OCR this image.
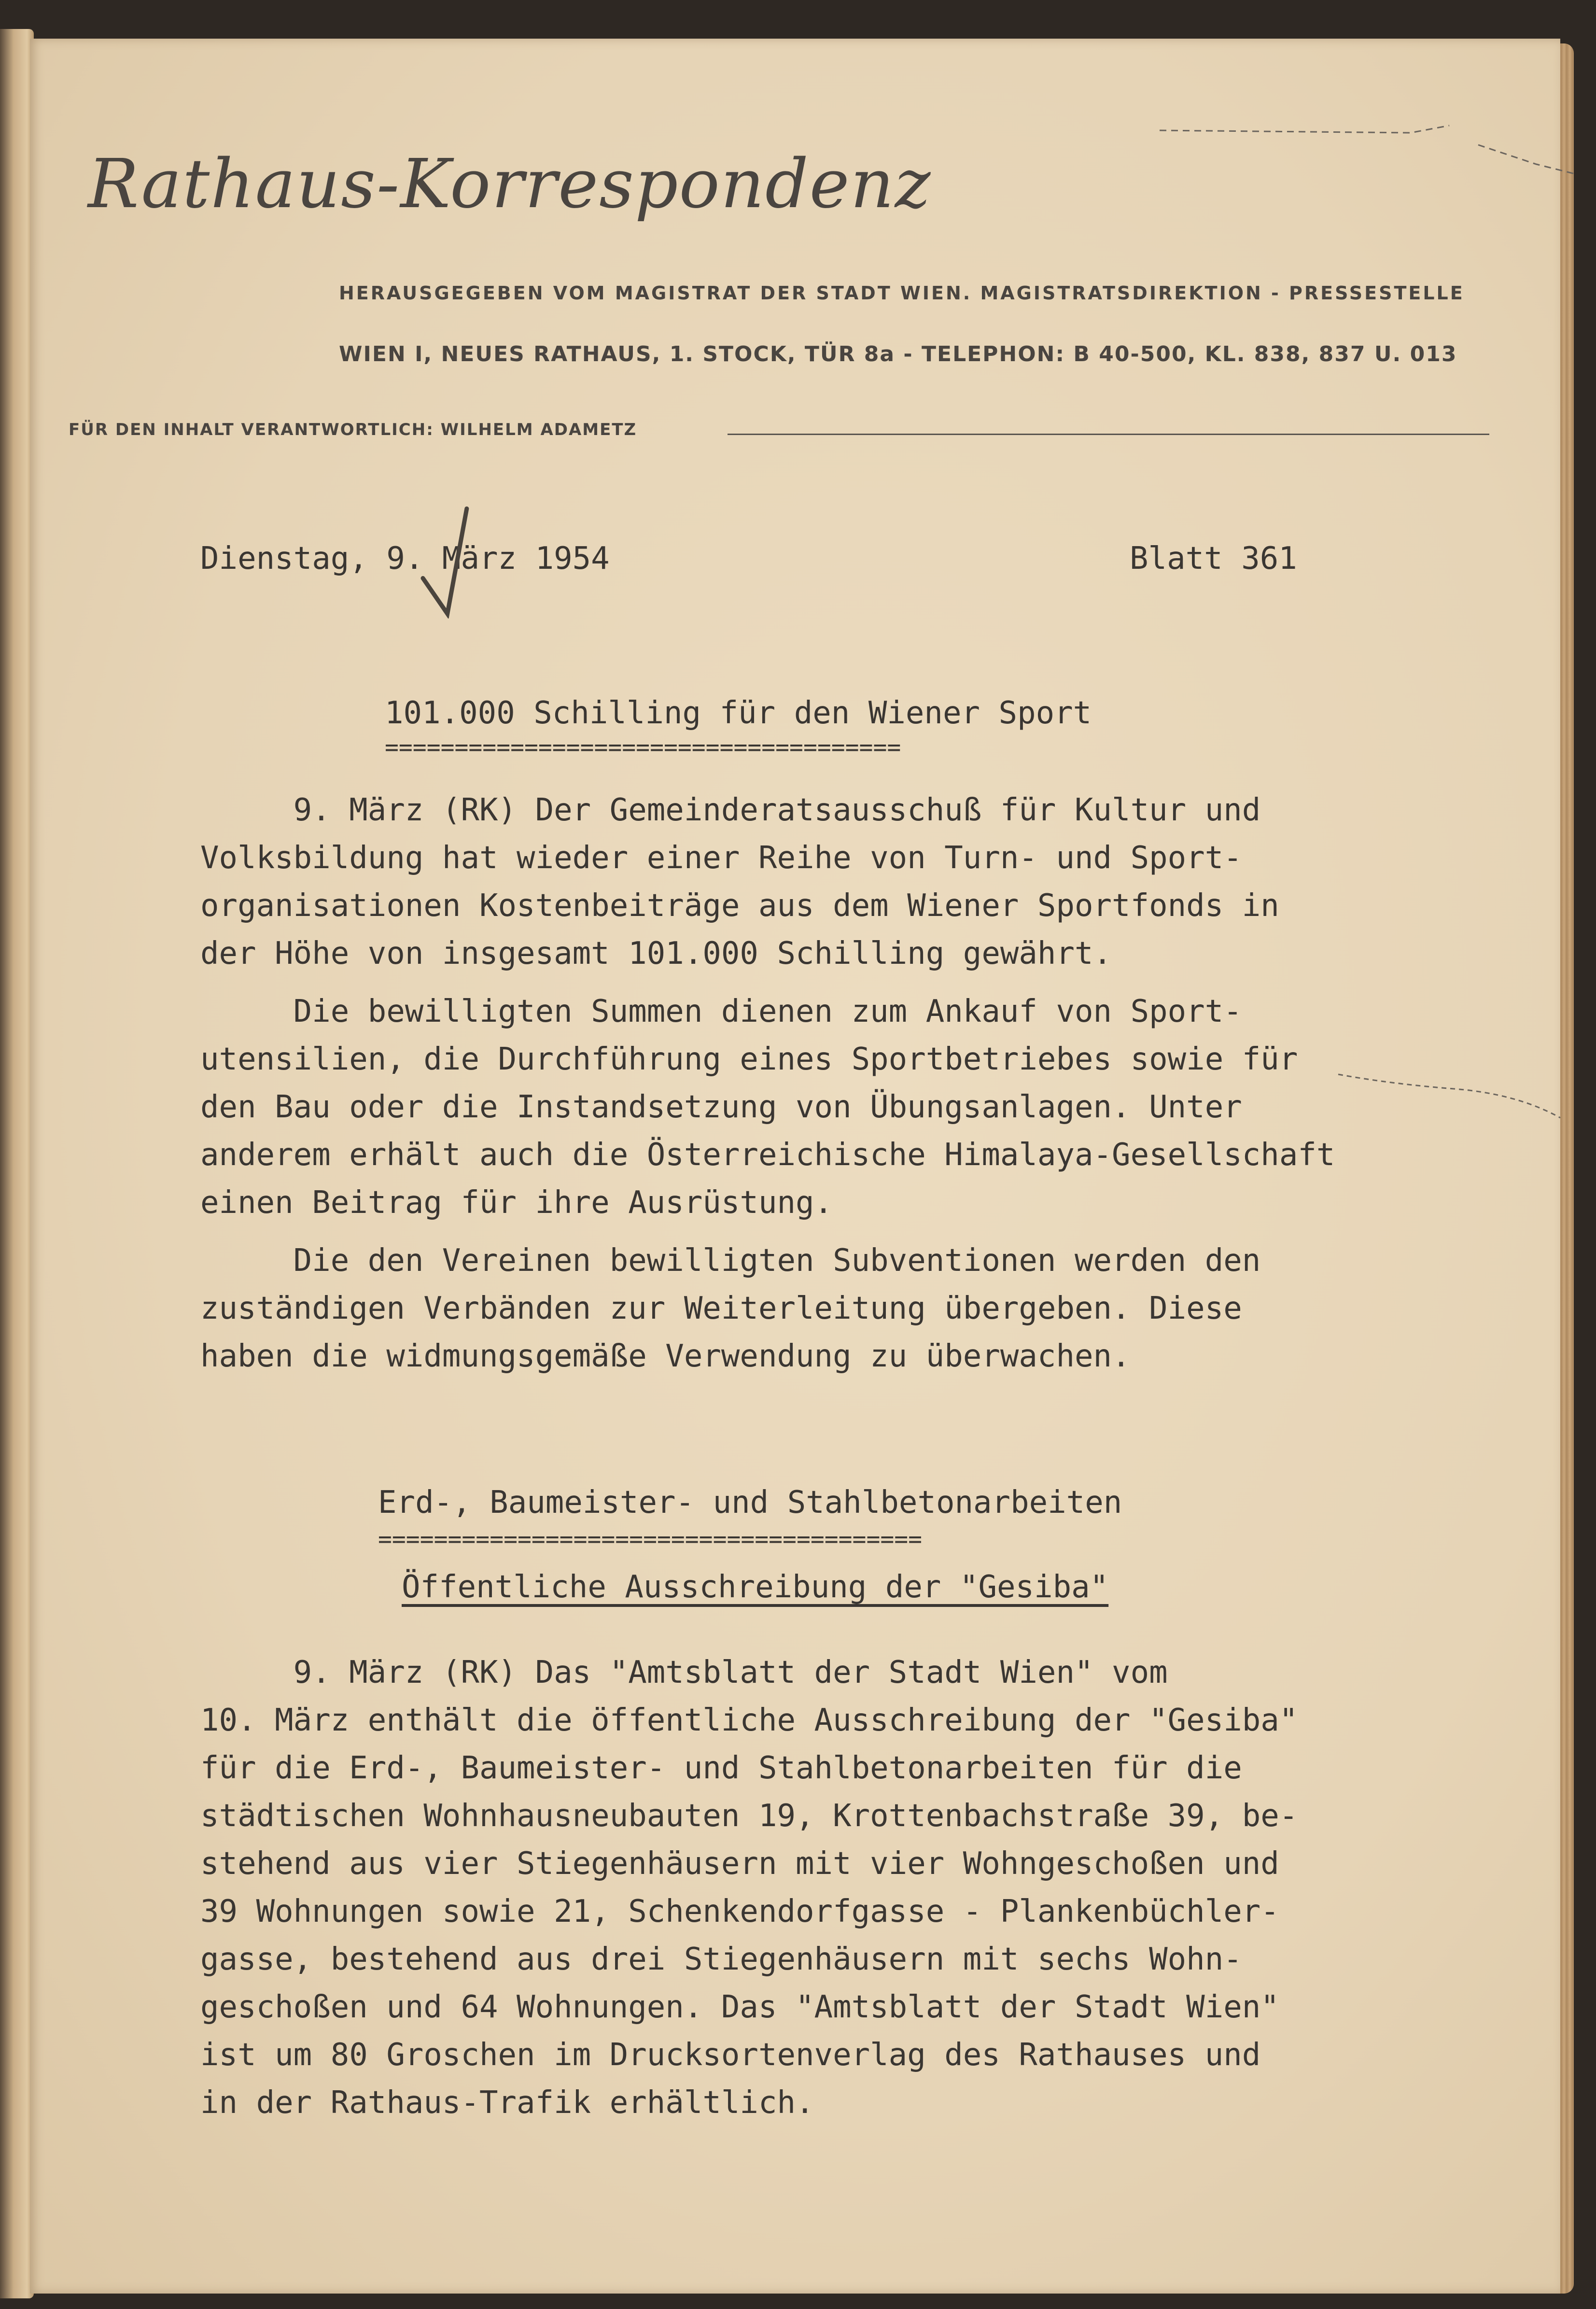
Rathaus-Korrespondenz

HERAUSGEGEBEN VOM MAGISTRAT DER STADT WIEN. MAGISTRATSDIREKTION - PRESSESTELLE

WIEN I, NEUES RATHAUS, 1. STOCK, TÜR 8a - TELEPHON: B 40-500, KL. 838, 837 U. 013

FÜR DEN INHALT VERANTWORTLICH: WILHELM ADAMETZ

Dienstag, 9. März 1954	Blatt 361

101.000 Schilling für den Wiener Sport

=====================================

9. März (RK) Der Gemeinderatsausschuß für Kultur und
Volksbildung hat wieder einer Reihe von Turn- und Sport-
organisationen Kostenbeiträge aus dem Wiener Sportfonds in
der Höhe von insgesamt 101.000 Schilling gewährt.

Die bewilligten Summen dienen zum Ankauf von Sport-
utensilien, die Durchführung eines Sportbetriebes sowie für
den Bau oder die Instandsetzung von Übungsanlagen. Unter
anderem erhält auch die Österreichische Himalaya-Gesellschaft
einen Beitrag für ihre Ausrüstung.

Die den Vereinen bewilligten Subventionen werden den
zuständigen Verbänden zur Weiterleitung übergeben. Diese
haben die widmungsgemäße Verwendung zu überwachen.

Erd-, Baumeister- und Stahlbetonarbeiten

=======================================

Öffentliche Ausschreibung der "Gesiba"

9. März (RK) Das "Amtsblatt der Stadt Wien" vom
10. März enthält die öffentliche Ausschreibung der "Gesiba"
für die Erd-, Baumeister- und Stahlbetonarbeiten für die
städtischen Wohnhausneubauten 19, Krottenbachstraße 39, be-
stehend aus vier Stiegenhäusern mit vier Wohngeschoßen und
39 Wohnungen sowie 21, Schenkendorfgasse - Plankenbüchler-
gasse, bestehend aus drei Stiegenhäusern mit sechs Wohn-
geschoßen und 64 Wohnungen. Das "Amtsblatt der Stadt Wien"
ist um 80 Groschen im Drucksortenverlag des Rathauses und
in der Rathaus-Trafik erhältlich.
